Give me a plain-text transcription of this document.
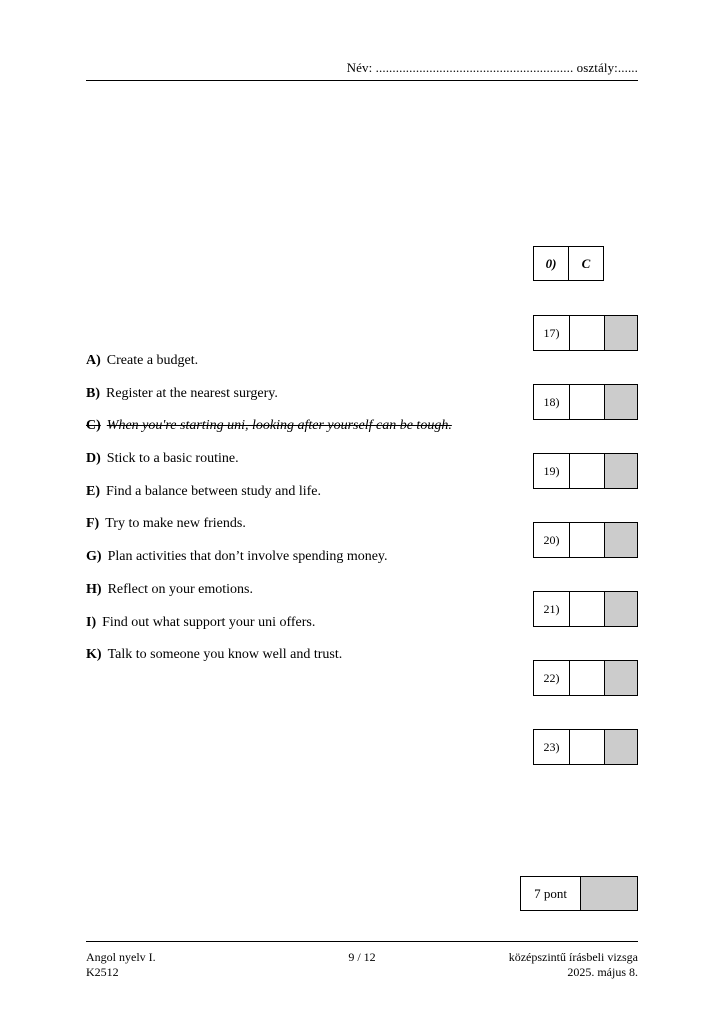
Név: ........................................................... osztály:......
0)	C
A) Create a budget.
B) Register at the nearest surgery.
C) When you're starting uni, looking after yourself can be tough.
D) Stick to a basic routine.
E) Find a balance between study and life.
F) Try to make new friends.
G) Plan activities that don’t involve spending money.
H) Reflect on your emotions.
I) Find out what support your uni offers.
K) Talk to someone you know well and trust.
17)
18)
19)
20)
21)
22)
23)
7 pont
Angol nyelv I.
K2512
9 / 12	középszintű írásbeli vizsga
2025. május 8.
